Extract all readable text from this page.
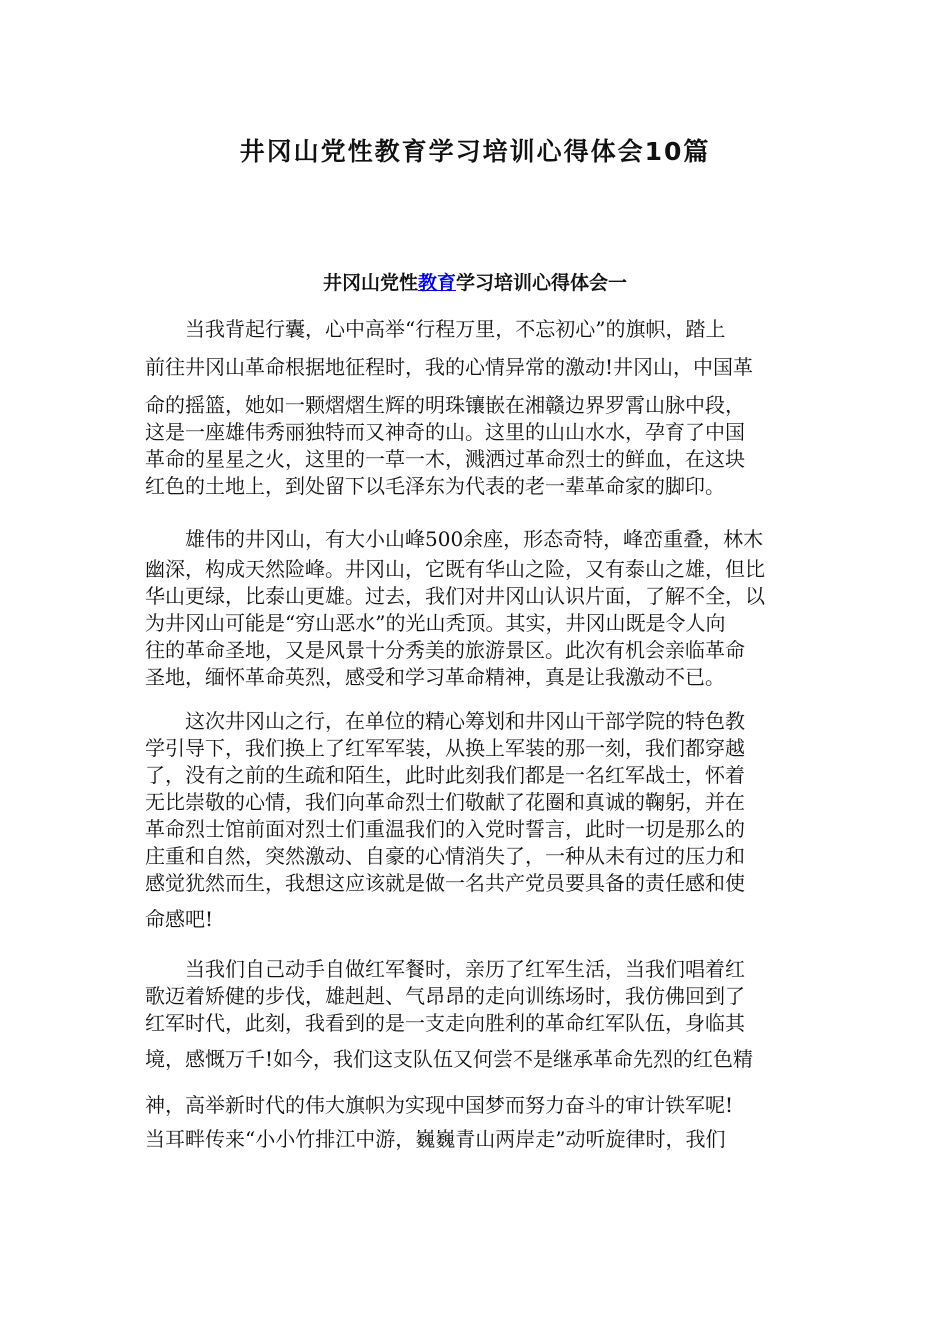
井冈山党性教育学习培训心得体会10篇
井冈山党性教育学习培训心得体会一

当我背起行囊，心中高举“行程万里，不忘初心”的旗帜，踏上
前往井冈山革命根据地征程时，我的心情异常的激动!井冈山，中国革
命的摇篮，她如一颗熠熠生辉的明珠镶嵌在湘赣边界罗霄山脉中段，
这是一座雄伟秀丽独特而又神奇的山。这里的山山水水，孕育了中国
革命的星星之火，这里的一草一木，溅洒过革命烈士的鲜血，在这块
红色的土地上，到处留下以毛泽东为代表的老一辈革命家的脚印。

雄伟的井冈山，有大小山峰500余座，形态奇特，峰峦重叠，林木
幽深，构成天然险峰。井冈山，它既有华山之险，又有泰山之雄，但比
华山更绿，比泰山更雄。过去，我们对井冈山认识片面，了解不全，以
为井冈山可能是“穷山恶水”的光山秃顶。其实，井冈山既是令人向
往的革命圣地，又是风景十分秀美的旅游景区。此次有机会亲临革命
圣地，缅怀革命英烈，感受和学习革命精神，真是让我激动不已。

这次井冈山之行，在单位的精心筹划和井冈山干部学院的特色教
学引导下，我们换上了红军军装，从换上军装的那一刻，我们都穿越
了，没有之前的生疏和陌生，此时此刻我们都是一名红军战士，怀着
无比崇敬的心情，我们向革命烈士们敬献了花圈和真诚的鞠躬，并在
革命烈士馆前面对烈士们重温我们的入党时誓言，此时一切是那么的
庄重和自然，突然激动、自豪的心情消失了，一种从未有过的压力和
感觉犹然而生，我想这应该就是做一名共产党员要具备的责任感和使
命感吧!

当我们自己动手自做红军餐时，亲历了红军生活，当我们唱着红
歌迈着矫健的步伐，雄赳赳、气昂昂的走向训练场时，我仿佛回到了
红军时代，此刻，我看到的是一支走向胜利的革命红军队伍，身临其
境，感慨万千!如今，我们这支队伍又何尝不是继承革命先烈的红色精
神，高举新时代的伟大旗帜为实现中国梦而努力奋斗的审计铁军呢!
当耳畔传来“小小竹排江中游，巍巍青山两岸走”动听旋律时，我们
